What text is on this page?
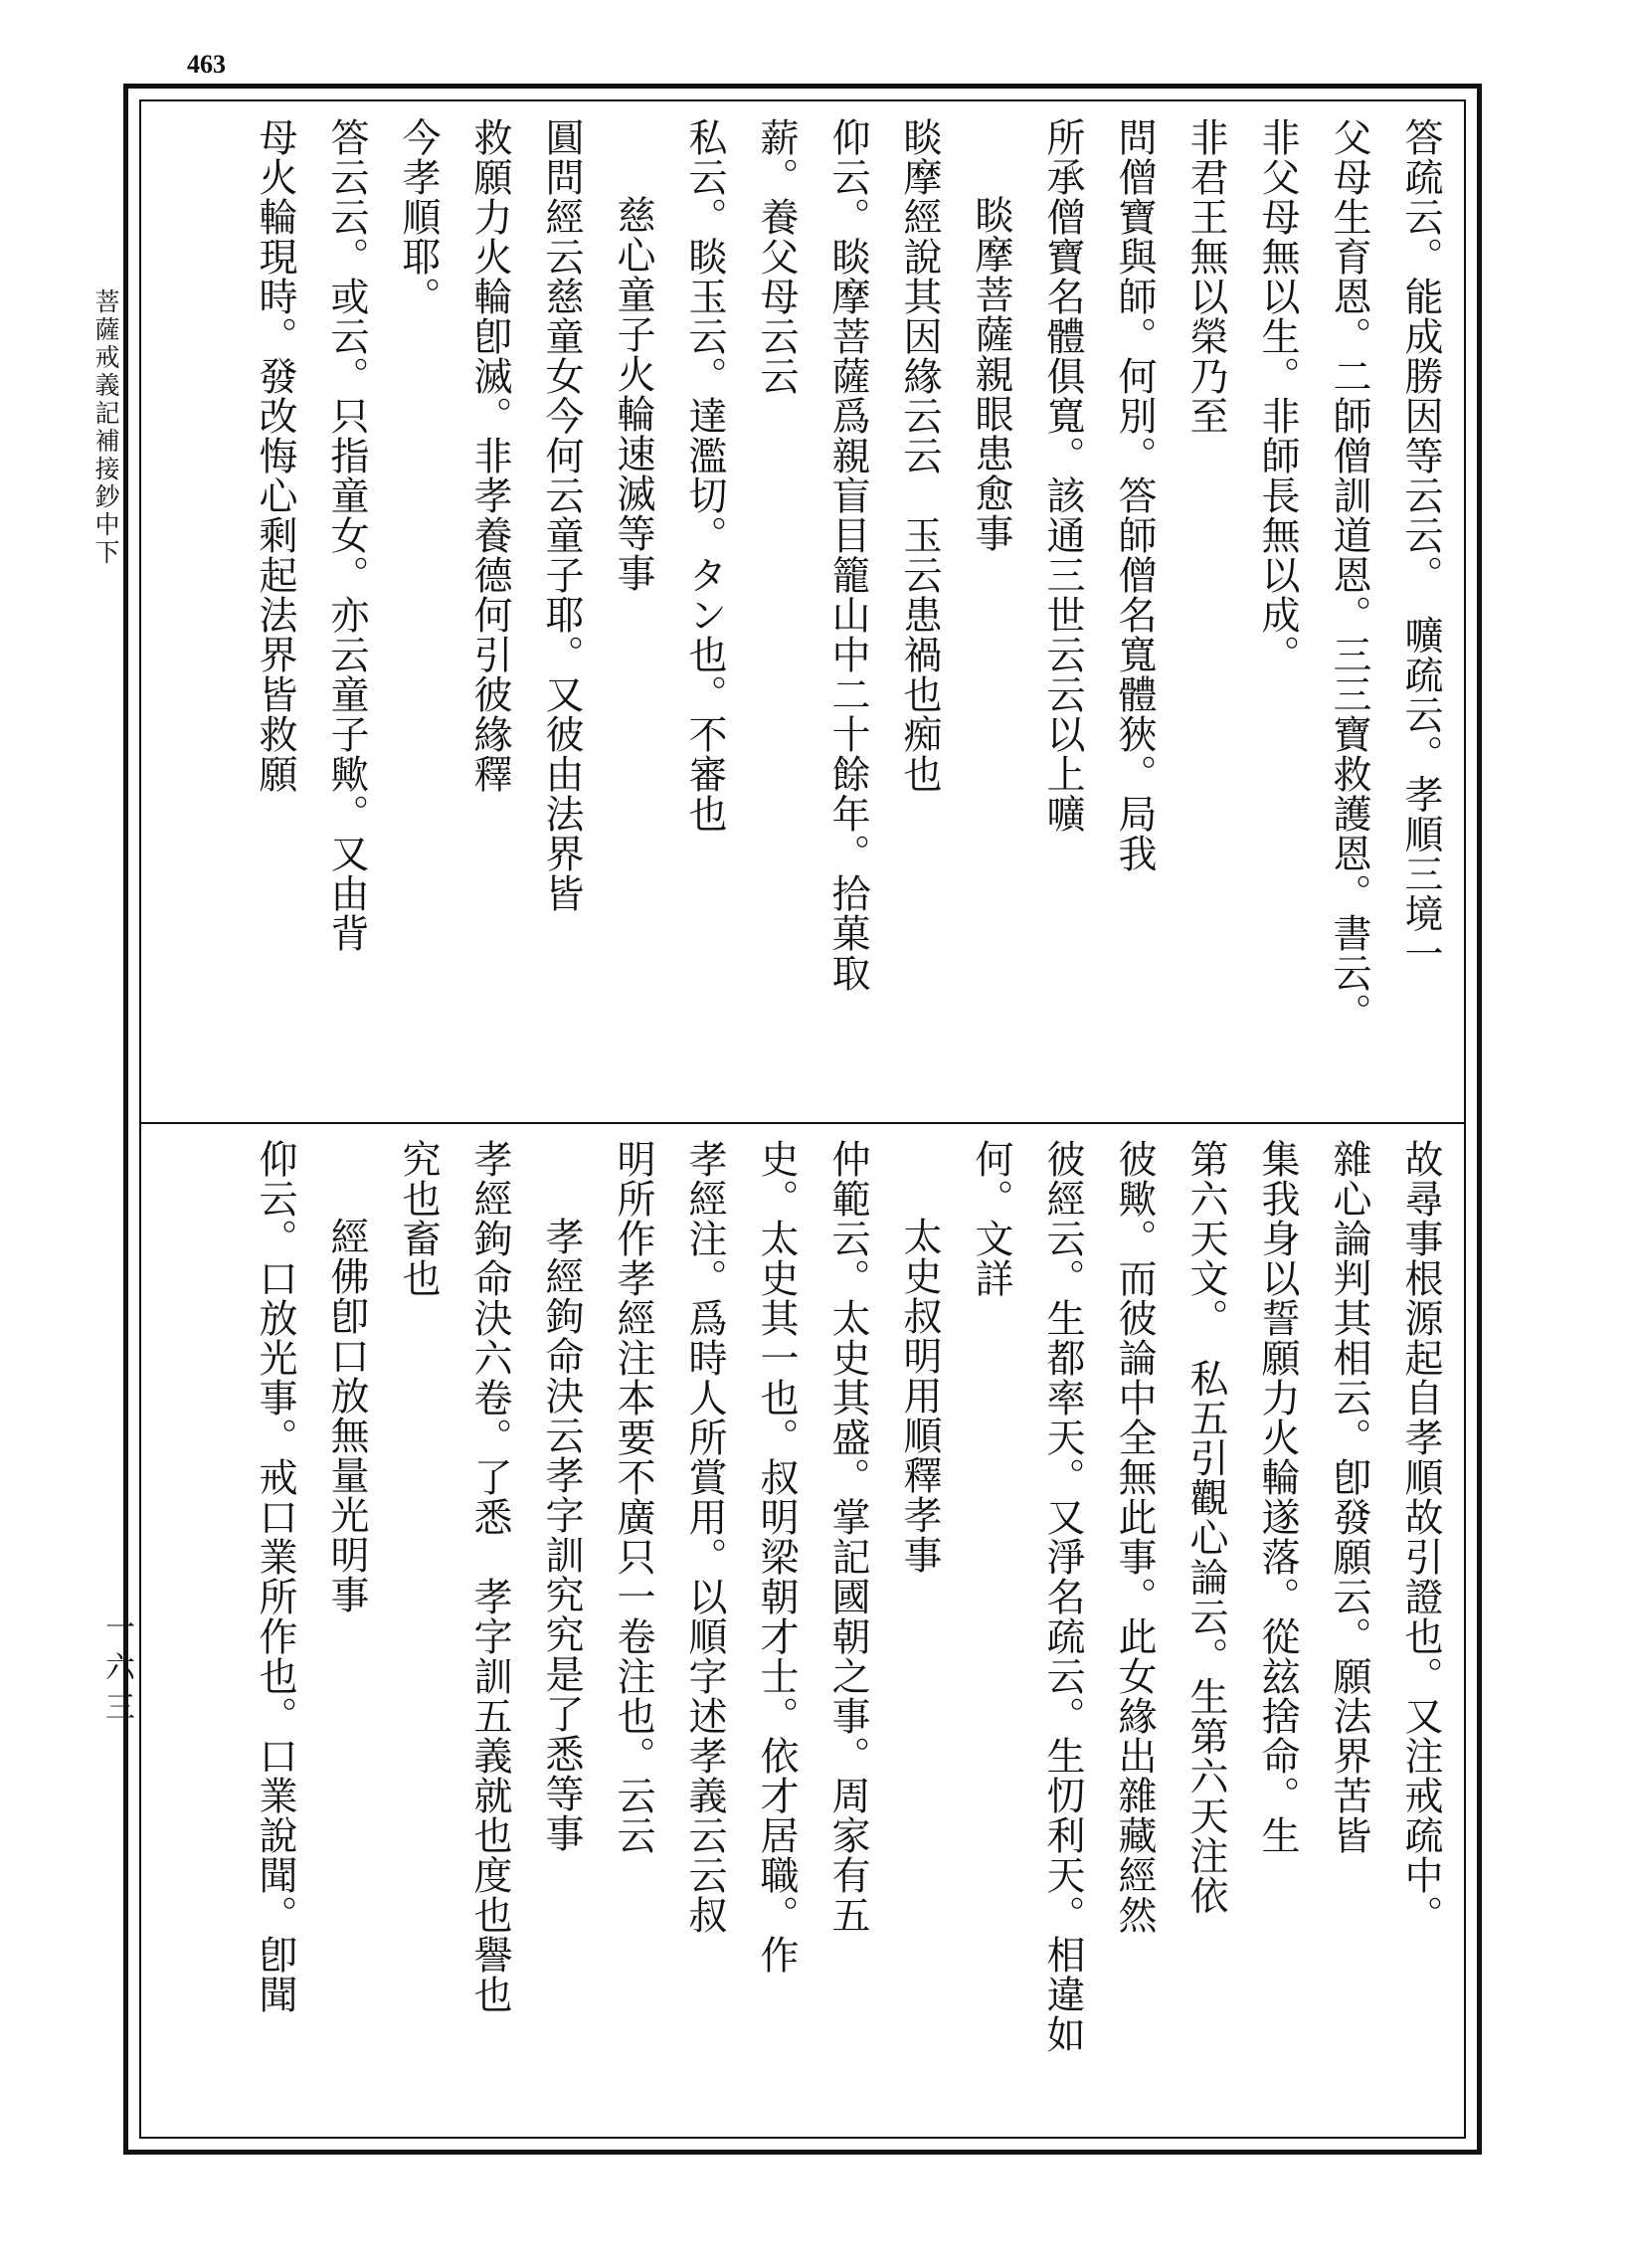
463
菩薩戒義記補接鈔中下
一六三
答疏云。能成勝因等云云。　嚝疏云。孝順三境一
父母生育恩。二師僧訓道恩。三三寶救護恩。書云。
非父母無以生。非師長無以成。
非君王無以榮乃至
問僧寶與師。何別。答師僧名寬體狹。局我
所承僧寶名體俱寬。該通三世云云以上嚝
睒摩菩薩親眼患愈事
睒摩經說其因緣云云　玉云患禍也痴也
仰云。睒摩菩薩爲親盲目籠山中二十餘年。拾菓取
薪。養父母云云
私云。睒玉云。達濫切。タン也。不審也
慈心童子火輪速滅等事
圓問經云慈童女今何云童子耶。又彼由法界皆
救願力火輪卽滅。非孝養德何引彼緣釋
今孝順耶。
答云云。或云。只指童女。亦云童子歟。又由背
母火輪現時。發改悔心剩起法界皆救願
故尋事根源起自孝順故引證也。又注戒疏中。
雜心論判其相云。卽發願云。願法界苦皆
集我身以誓願力火輪遂落。從玆捨命。生
第六天文。　私五引觀心論云。生第六天注依
彼歟。而彼論中全無此事。此女緣出雜藏經然
彼經云。生都率天。又淨名疏云。生忉利天。相違如
何。文詳
太史叔明用順釋孝事
仲範云。太史其盛。掌記國朝之事。周家有五
史。太史其一也。叔明梁朝才士。依才居職。作
孝經注。爲時人所賞用。以順字述孝義云云叔
明所作孝經注本要不廣只一卷注也。云云
孝經鉤命決云孝字訓究究是了悉等事
孝經鉤命決六卷。了悉　孝字訓五義就也度也譽也
究也畜也
經佛卽口放無量光明事
仰云。口放光事。戒口業所作也。口業說聞。卽聞
